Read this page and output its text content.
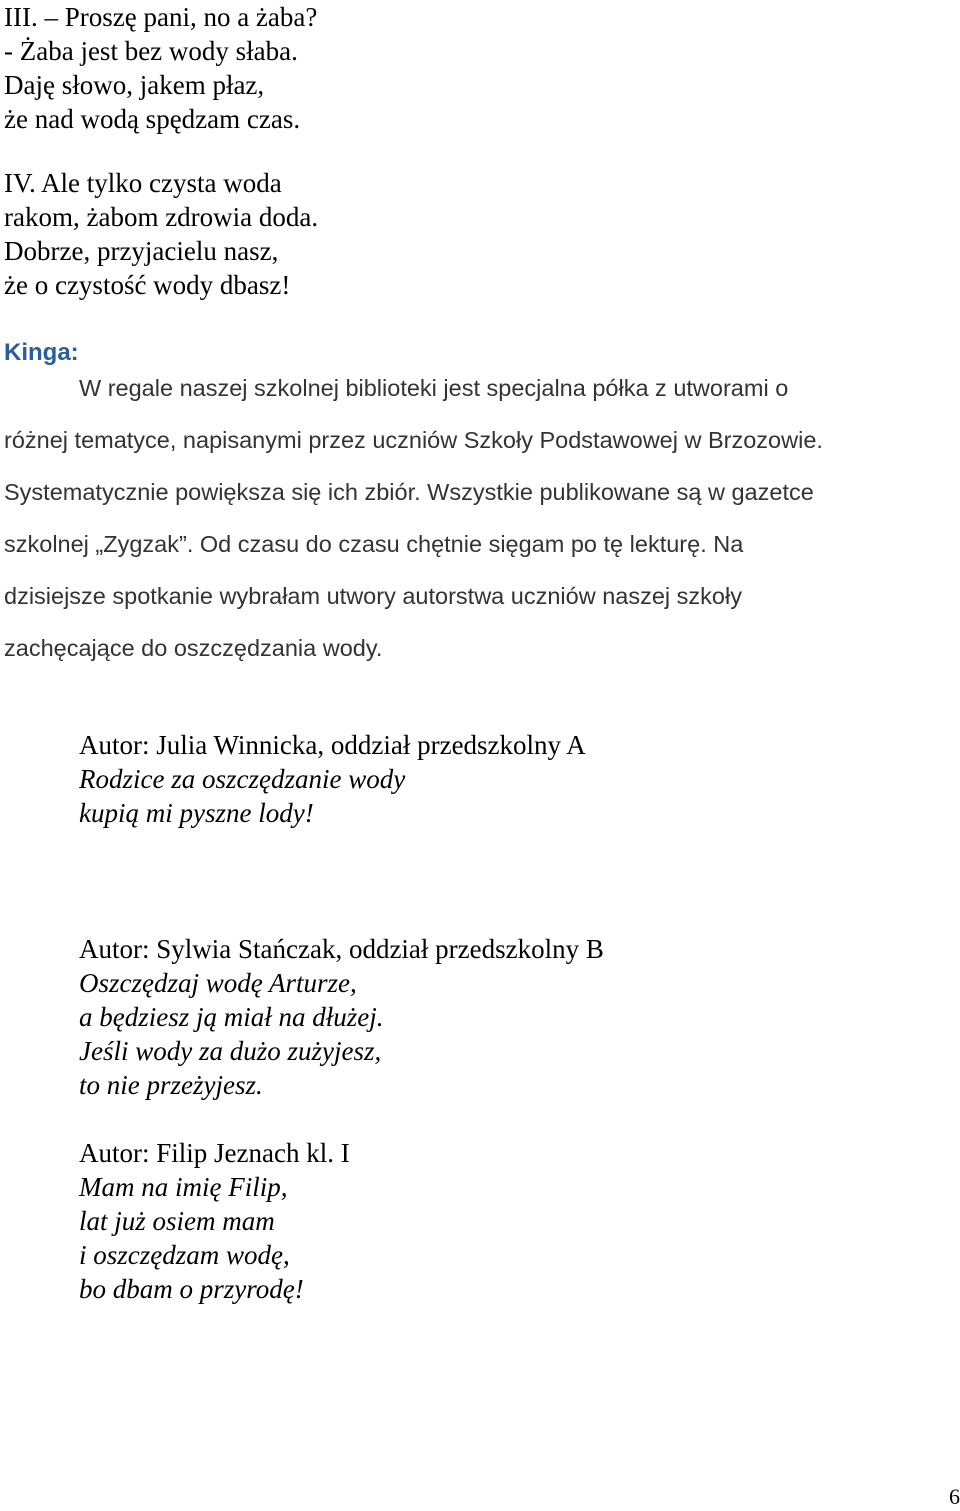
III. – Proszę pani, no a żaba?
- Żaba jest bez wody słaba.
Daję słowo, jakem płaz,
że nad wodą spędzam czas.
IV. Ale tylko czysta woda
rakom, żabom zdrowia doda.
Dobrze, przyjacielu nasz,
że o czystość wody dbasz!
Kinga:
W regale naszej szkolnej biblioteki jest specjalna półka z utworami o
różnej tematyce, napisanymi przez uczniów Szkoły Podstawowej w Brzozowie.
Systematycznie powiększa się ich zbiór. Wszystkie publikowane są w gazetce
szkolnej „Zygzak”. Od czasu do czasu chętnie sięgam po tę lekturę. Na
dzisiejsze spotkanie wybrałam utwory autorstwa uczniów naszej szkoły
zachęcające do oszczędzania wody.
Autor: Julia Winnicka, oddział przedszkolny A
Rodzice za oszczędzanie wody
kupią mi pyszne lody!
Autor: Sylwia Stańczak, oddział przedszkolny B
Oszczędzaj wodę Arturze,
a będziesz ją miał na dłużej.
Jeśli wody za dużo zużyjesz,
to nie przeżyjesz.
Autor: Filip Jeznach kl. I
Mam na imię Filip,
lat już osiem mam
i oszczędzam wodę,
bo dbam o przyrodę!
6
